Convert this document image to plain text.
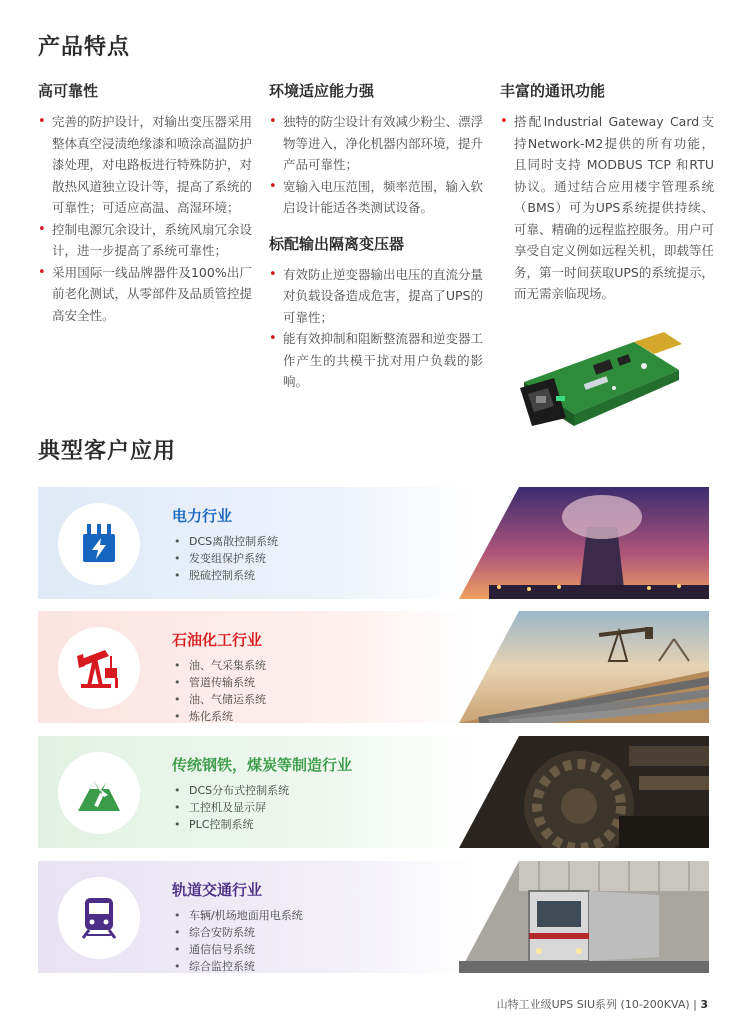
产品特点
高可靠性
• 完善的防护设计，对输出变压器采用整体真空浸渍绝缘漆和喷涂高温防护漆处理，对电路板进行特殊防护，对散热风道独立设计等，提高了系统的可靠性；可适应高温、高湿环境；
• 控制电源冗余设计，系统风扇冗余设计，进一步提高了系统可靠性；
• 采用国际一线品牌器件及100%出厂前老化测试，从零部件及品质管控提高安全性。
环境适应能力强
• 独特的防尘设计有效减少粉尘、漂浮物等进入，净化机器内部环境，提升产品可靠性；
• 宽输入电压范围，频率范围，输入软启设计能适各类测试设备。
标配输出隔离变压器
• 有效防止逆变器输出电压的直流分量对负载设备造成危害，提高了UPS的可靠性；
• 能有效抑制和阻断整流器和逆变器工作产生的共模干扰对用户负载的影响。
丰富的通讯功能
• 搭配Industrial Gateway Card支持Network-M2提供的所有功能，且同时支持 MODBUS TCP 和RTU 协议。通过结合应用楼宇管理系统（BMS）可为UPS系统提供持续、可靠、精确的远程监控服务。用户可享受自定义例如远程关机，即载等任务，第一时间获取UPS的系统提示，而无需亲临现场。
典型客户应用
电力行业
• DCS离散控制系统
• 发变组保护系统
• 脱硫控制系统
石油化工行业
• 油、气采集系统
• 管道传输系统
• 油、气储运系统
• 炼化系统
传统钢铁，煤炭等制造行业
• DCS分布式控制系统
• 工控机及显示屏
• PLC控制系统
轨道交通行业
• 车辆/机场地面用电系统
• 综合安防系统
• 通信信号系统
• 综合监控系统
山特工业级UPS SIU系列 (10-200KVA) | 3
